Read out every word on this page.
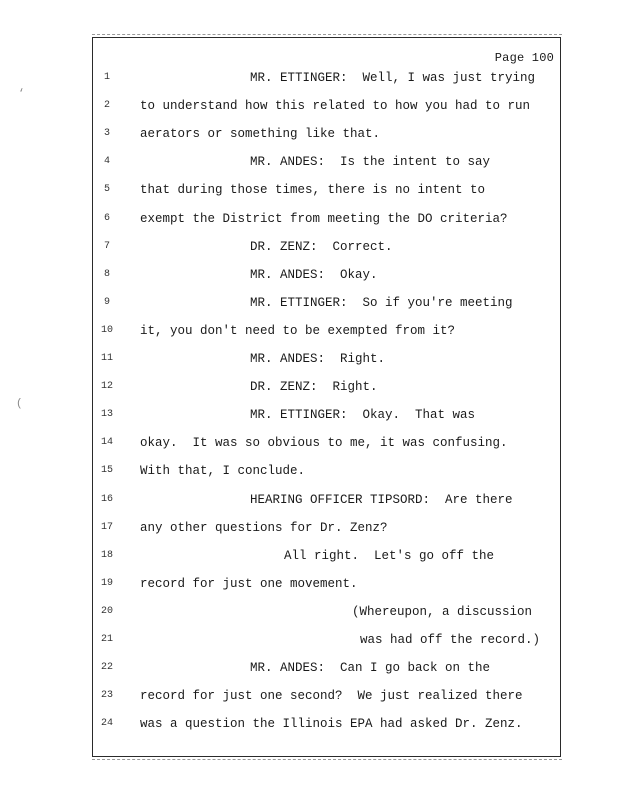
Page 100
‘
(
1	MR. ETTINGER:  Well, I was just trying
2	to understand how this related to how you had to run
3	aerators or something like that.
4	MR. ANDES:  Is the intent to say
5	that during those times, there is no intent to
6	exempt the District from meeting the DO criteria?
7	DR. ZENZ:  Correct.
8	MR. ANDES:  Okay.
9	MR. ETTINGER:  So if you're meeting
10	it, you don't need to be exempted from it?
11	MR. ANDES:  Right.
12	DR. ZENZ:  Right.
13	MR. ETTINGER:  Okay.  That was
14	okay.  It was so obvious to me, it was confusing.
15	With that, I conclude.
16	HEARING OFFICER TIPSORD:  Are there
17	any other questions for Dr. Zenz?
18	All right.  Let's go off the
19	record for just one movement.
20	(Whereupon, a discussion
21	was had off the record.)
22	MR. ANDES:  Can I go back on the
23	record for just one second?  We just realized there
24	was a question the Illinois EPA had asked Dr. Zenz.
